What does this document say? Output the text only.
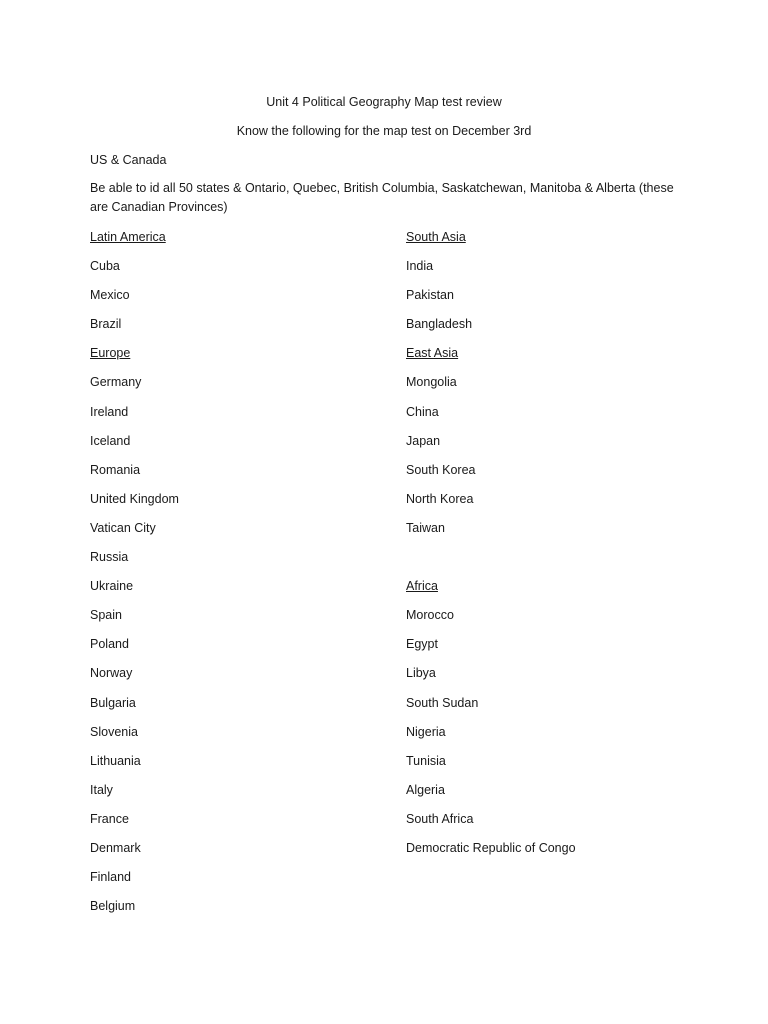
Unit 4 Political Geography Map test review
Know the following for the map test on December 3rd
US & Canada
Be able to id all 50 states & Ontario, Quebec, British Columbia, Saskatchewan, Manitoba & Alberta (these are Canadian Provinces)
Latin America
Cuba
Mexico
Brazil
Europe
Germany
Ireland
Iceland
Romania
United Kingdom
Vatican City
Russia
Ukraine
Spain
Poland
Norway
Bulgaria
Slovenia
Lithuania
Italy
France
Denmark
Finland
Belgium
South Asia
India
Pakistan
Bangladesh
East Asia
Mongolia
China
Japan
South Korea
North Korea
Taiwan
Africa
Morocco
Egypt
Libya
South Sudan
Nigeria
Tunisia
Algeria
South Africa
Democratic Republic of Congo
